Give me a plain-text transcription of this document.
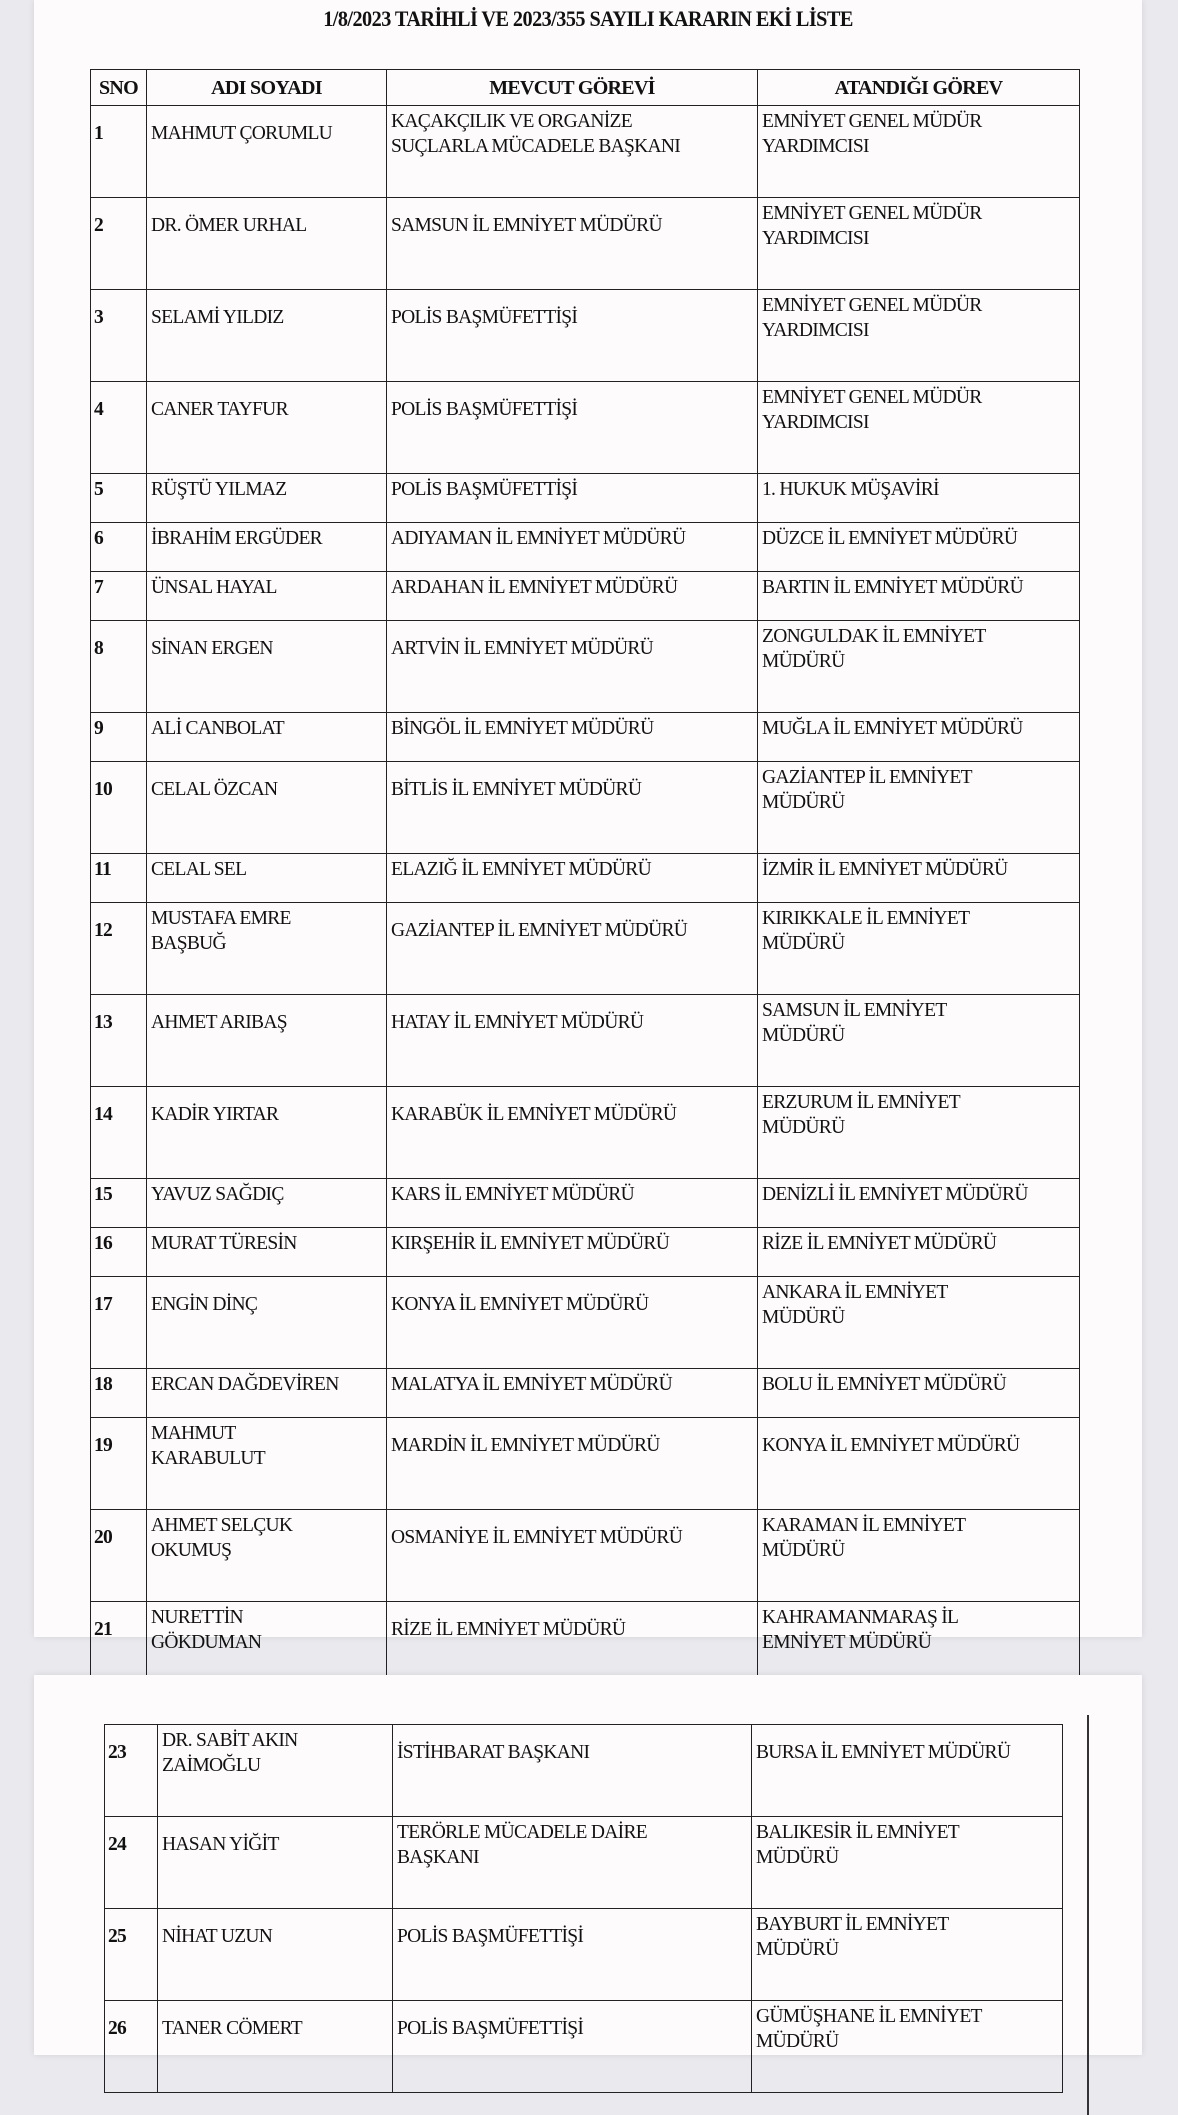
1/8/2023 TARİHLİ VE 2023/355 SAYILI KARARIN EKİ LİSTE
SNO	ADI SOYADI	MEVCUT GÖREVİ	ATANDIĞI GÖREV
1	MAHMUT ÇORUMLU	KAÇAKÇILIK VE ORGANİZE
SUÇLARLA MÜCADELE BAŞKANI	EMNİYET GENEL MÜDÜR
YARDIMCISI
2	DR. ÖMER URHAL	SAMSUN İL EMNİYET MÜDÜRÜ	EMNİYET GENEL MÜDÜR
YARDIMCISI
3	SELAMİ YILDIZ	POLİS BAŞMÜFETTİŞİ	EMNİYET GENEL MÜDÜR
YARDIMCISI
4	CANER TAYFUR	POLİS BAŞMÜFETTİŞİ	EMNİYET GENEL MÜDÜR
YARDIMCISI
5	RÜŞTÜ YILMAZ	POLİS BAŞMÜFETTİŞİ	1. HUKUK MÜŞAVİRİ
6	İBRAHİM ERGÜDER	ADIYAMAN İL EMNİYET MÜDÜRÜ	DÜZCE İL EMNİYET MÜDÜRÜ
7	ÜNSAL HAYAL	ARDAHAN İL EMNİYET MÜDÜRÜ	BARTIN İL EMNİYET MÜDÜRÜ
8	SİNAN ERGEN	ARTVİN İL EMNİYET MÜDÜRÜ	ZONGULDAK İL EMNİYET
MÜDÜRÜ
9	ALİ CANBOLAT	BİNGÖL İL EMNİYET MÜDÜRÜ	MUĞLA İL EMNİYET MÜDÜRÜ
10	CELAL ÖZCAN	BİTLİS İL EMNİYET MÜDÜRÜ	GAZİANTEP İL EMNİYET
MÜDÜRÜ
11	CELAL SEL	ELAZIĞ İL EMNİYET MÜDÜRÜ	İZMİR İL EMNİYET MÜDÜRÜ
12	MUSTAFA EMRE
BAŞBUĞ	GAZİANTEP İL EMNİYET MÜDÜRÜ	KIRIKKALE İL EMNİYET
MÜDÜRÜ
13	AHMET ARIBAŞ	HATAY İL EMNİYET MÜDÜRÜ	SAMSUN İL EMNİYET
MÜDÜRÜ
14	KADİR YIRTAR	KARABÜK İL EMNİYET MÜDÜRÜ	ERZURUM İL EMNİYET
MÜDÜRÜ
15	YAVUZ SAĞDIÇ	KARS İL EMNİYET MÜDÜRÜ	DENİZLİ İL EMNİYET MÜDÜRÜ
16	MURAT TÜRESİN	KIRŞEHİR İL EMNİYET MÜDÜRÜ	RİZE İL EMNİYET MÜDÜRÜ
17	ENGİN DİNÇ	KONYA İL EMNİYET MÜDÜRÜ	ANKARA İL EMNİYET
MÜDÜRÜ
18	ERCAN DAĞDEVİREN	MALATYA İL EMNİYET MÜDÜRÜ	BOLU İL EMNİYET MÜDÜRÜ
19	MAHMUT
KARABULUT	MARDİN İL EMNİYET MÜDÜRÜ	KONYA İL EMNİYET MÜDÜRÜ
20	AHMET SELÇUK
OKUMUŞ	OSMANİYE İL EMNİYET MÜDÜRÜ	KARAMAN İL EMNİYET
MÜDÜRÜ
21	NURETTİN
GÖKDUMAN	RİZE İL EMNİYET MÜDÜRÜ	KAHRAMANMARAŞ İL
EMNİYET MÜDÜRÜ

23	DR. SABİT AKIN
ZAİMOĞLU	İSTİHBARAT BAŞKANI	BURSA İL EMNİYET MÜDÜRÜ
24	HASAN YİĞİT	TERÖRLE MÜCADELE DAİRE
BAŞKANI	BALIKESİR İL EMNİYET
MÜDÜRÜ
25	NİHAT UZUN	POLİS BAŞMÜFETTİŞİ	BAYBURT İL EMNİYET
MÜDÜRÜ
26	TANER CÖMERT	POLİS BAŞMÜFETTİŞİ	GÜMÜŞHANE İL EMNİYET
MÜDÜRÜ
